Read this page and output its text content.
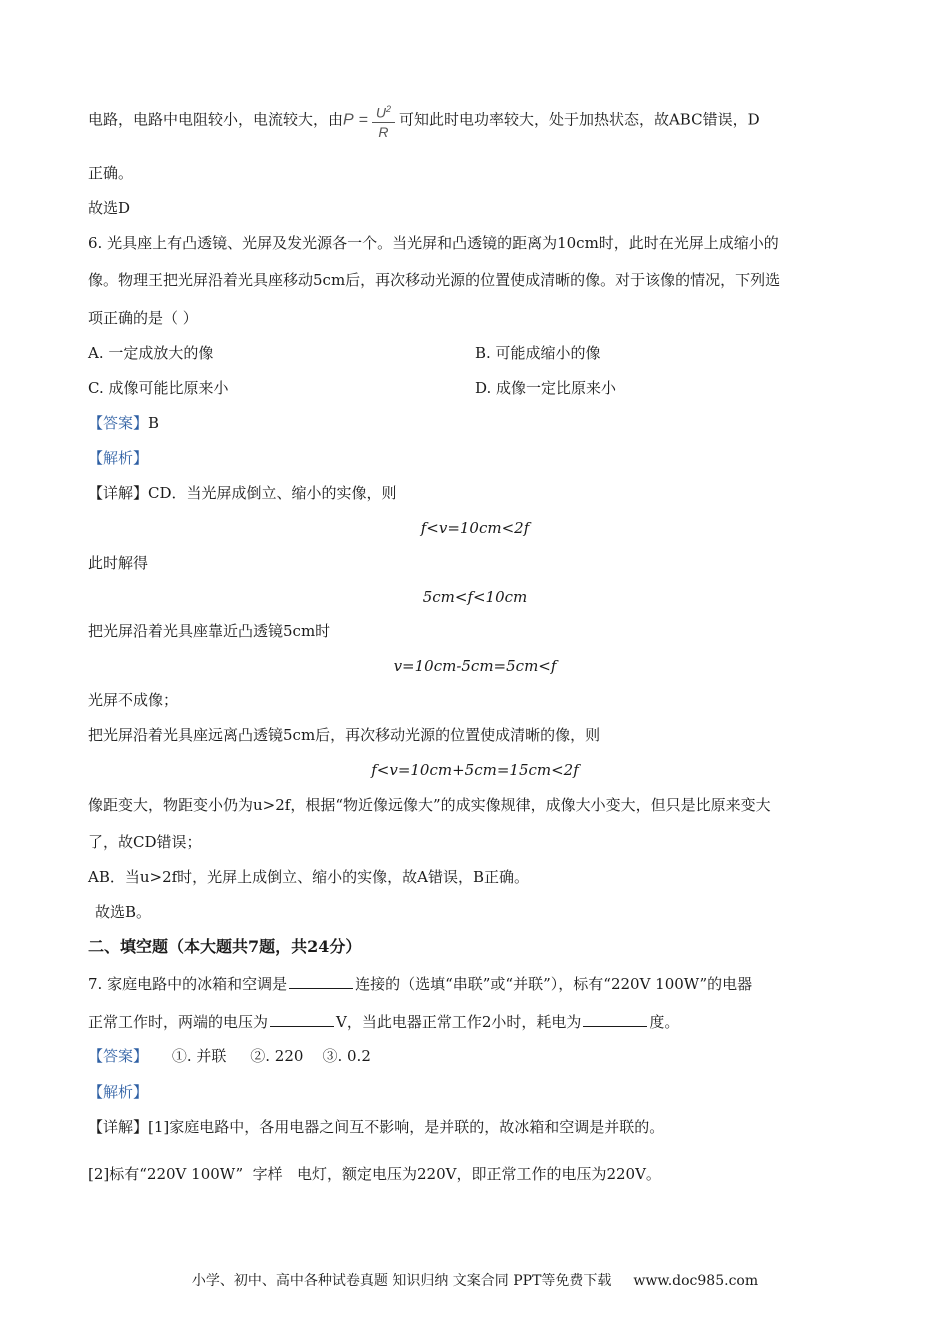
电路，电路中电阻较小，电流较大，由$P = \frac{U^2}{R}$ 可知此时电功率较大，处于加热状态，故ABC错误，D
正确。
故选D
6. 光具座上有凸透镜、光屏及发光源各一个。当光屏和凸透镜的距离为10cm时，此时在光屏上成缩小的
像。物理王把光屏沿着光具座移动5cm后，再次移动光源的位置使成清晰的像。对于该像的情况，下列选
项正确的是（ ）
A. 一定成放大的像	B. 可能成缩小的像
C. 成像可能比原来小	D. 成像一定比原来小
【答案】B
【解析】
【详解】CD．当光屏成倒立、缩小的实像，则
f<v=10cm<2f
此时解得
5cm<f<10cm
把光屏沿着光具座靠近凸透镜5cm时
v=10cm-5cm=5cm<f
光屏不成像；
把光屏沿着光具座远离凸透镜5cm后，再次移动光源的位置使成清晰的像，则
f<v=10cm+5cm=15cm<2f
像距变大，物距变小仍为u>2f，根据“物近像远像大”的成实像规律，成像大小变大，但只是比原来变大
了，故CD错误；
AB．当u>2f时，光屏上成倒立、缩小的实像，故A错误，B正确。
故选B。
二、填空题（本大题共7题，共24分）
7. 家庭电路中的冰箱和空调是	连接的（选填“串联”或“并联”），标有“220V 100W”的电器
正常工作时，两端的电压为	V，当此电器正常工作2小时，耗电为	度。
【答案】 ①. 并联     ②. 220    ③. 0.2
【解析】
【详解】[1]家庭电路中，各用电器之间互不影响，是并联的，故冰箱和空调是并联的。
[2]标有“220V 100W”  字样   电灯，额定电压为220V，即正常工作的电压为220V。
小学、初中、高中各种试卷真题 知识归纳 文案合同 PPT等免费下载 www.doc985.com
